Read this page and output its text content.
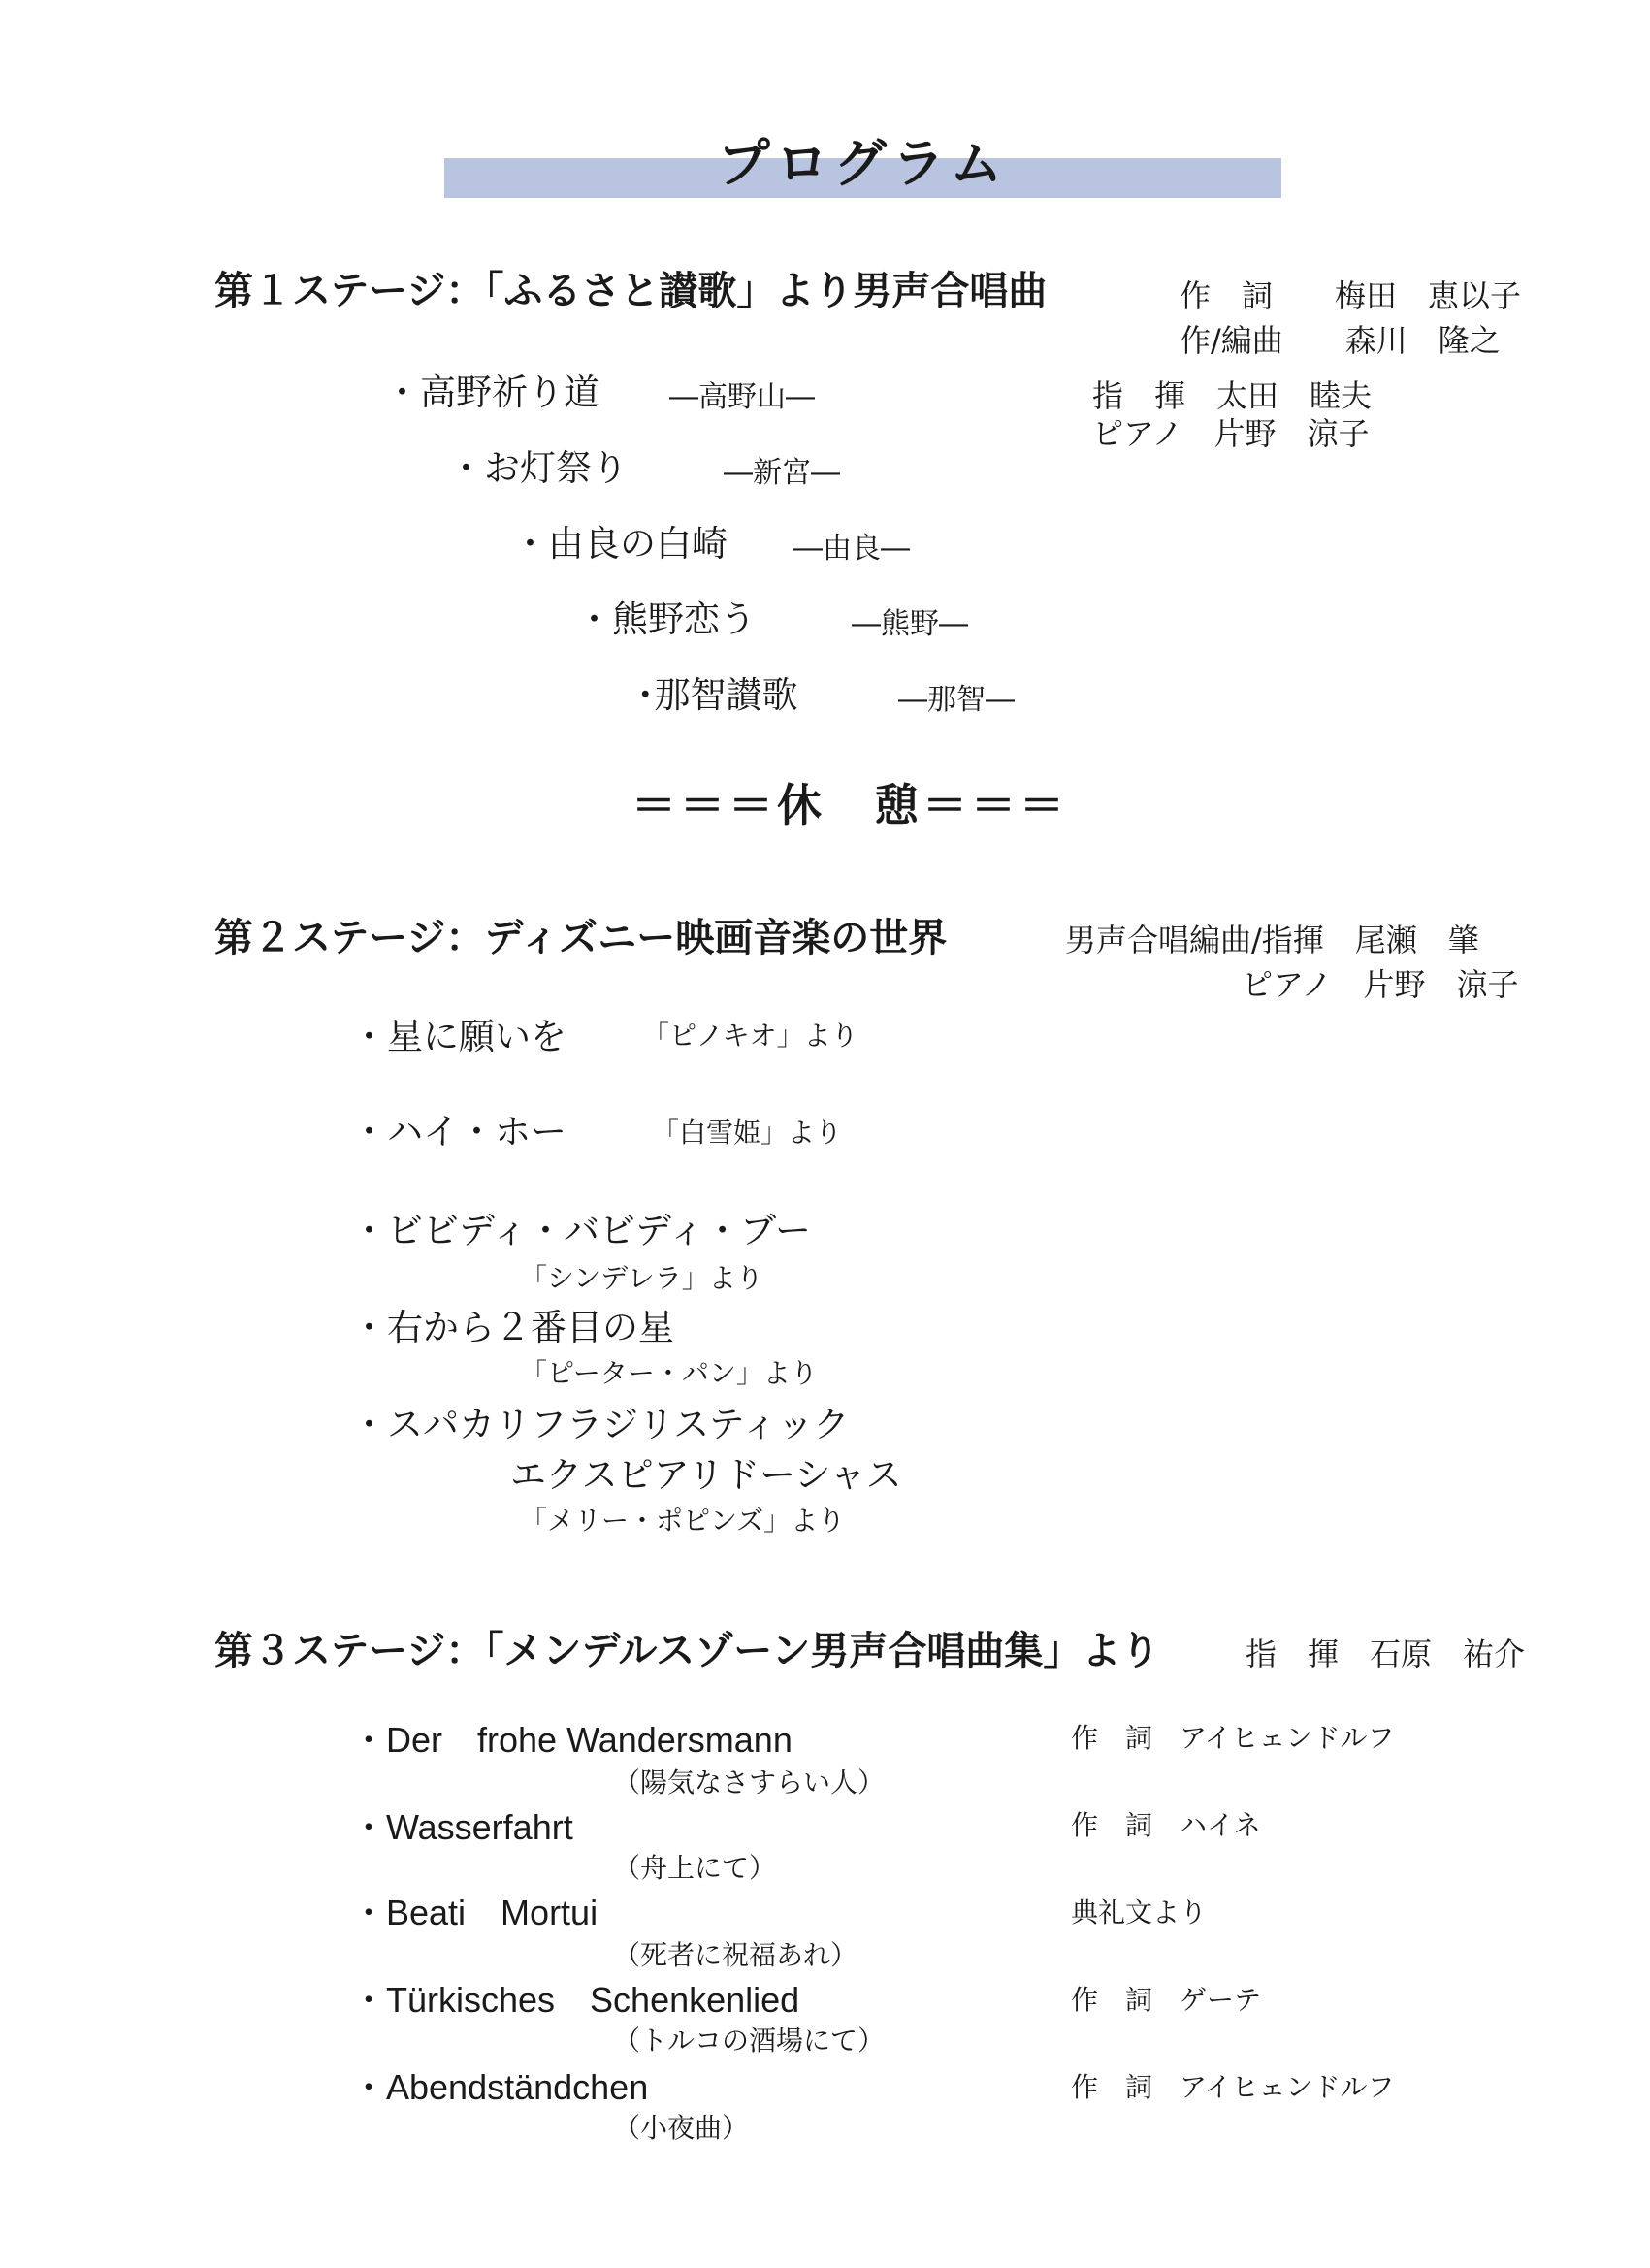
プログラム
第１ステージ：「ふるさと讃歌」より男声合唱曲	作　詞　　梅田　恵以子
作/編曲　　森川　隆之
指　揮　太田　睦夫
ピアノ　片野　涼子
・高野祈り道 ―高野山―
・お灯祭り	―新宮―
・由良の白崎 ―由良―
・熊野恋う	―熊野―
･那智讃歌	―那智―
＝＝＝休　憩＝＝＝
第２ステージ：ディズニー映画音楽の世界	男声合唱編曲/指揮　尾瀬　肇
ピアノ　片野　涼子
・星に願いを	「ピノキオ」より
・ハイ・ホー	「白雪姫」より
・ビビディ・バビディ・ブー
「シンデレラ」より
・右から２番目の星
「ピーター・パン」より
・スパカリフラジリスティック
エクスピアリドーシャス
「メリー・ポピンズ」より
第３ステージ：「メンデルスゾーン男声合唱曲集」より	指　揮　石原　祐介
・Der　frohe Wandersmann
（陽気なさすらい人）
作　詞　アイヒェンドルフ
・Wasserfahrt
（舟上にて）
作　詞　ハイネ
・Beati　Mortui
（死者に祝福あれ）
典礼文より
・Türkisches　Schenkenlied
（トルコの酒場にて）
作　詞　ゲーテ
・Abendständchen
（小夜曲）
作　詞　アイヒェンドルフ
